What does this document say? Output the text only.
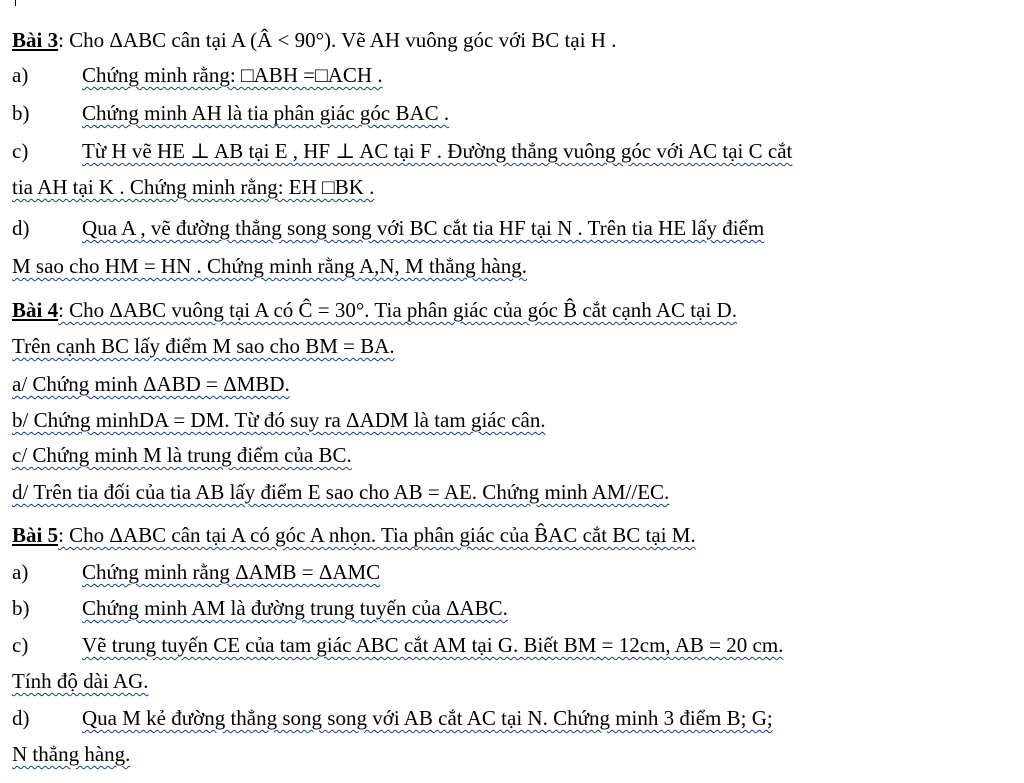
Bài 3: Cho ΔABC cân tại A (Â < 90°). Vẽ AH vuông góc với BC tại H .
a)	Chứng minh rằng: □ABH =□ACH .
b)	Chứng minh AH là tia phân giác góc BAC .
c)	Từ H vẽ HE ⊥ AB tại E , HF ⊥ AC tại F . Đường thẳng vuông góc với AC tại C cắt
tia AH tại K . Chứng minh rằng: EH □BK .
d)	Qua A , vẽ đường thẳng song song với BC cắt tia HF tại N . Trên tia HE lấy điểm
M sao cho HM = HN . Chứng minh rằng A,N, M thẳng hàng.
Bài 4: Cho ΔABC vuông tại A có Ĉ = 30°. Tia phân giác của góc B̂ cắt cạnh AC tại D.
Trên cạnh BC lấy điểm M sao cho BM = BA.
a/ Chứng minh ΔABD = ΔMBD.
b/ Chứng minhDA = DM. Từ đó suy ra ΔADM là tam giác cân.
c/ Chứng minh M là trung điểm của BC.
d/ Trên tia đối của tia AB lấy điểm E sao cho AB = AE. Chứng minh AM//EC.
Bài 5: Cho ΔABC cân tại A có góc A nhọn. Tia phân giác của B̂AC cắt BC tại M.
a)	Chứng minh rằng ΔAMB = ΔAMC
b)	Chứng minh AM là đường trung tuyến của ΔABC.
c)	Vẽ trung tuyến CE của tam giác ABC cắt AM tại G. Biết BM = 12cm, AB = 20 cm.
Tính độ dài AG.
d)	Qua M kẻ đường thẳng song song với AB cắt AC tại N. Chứng minh 3 điểm B; G;
N thẳng hàng.
